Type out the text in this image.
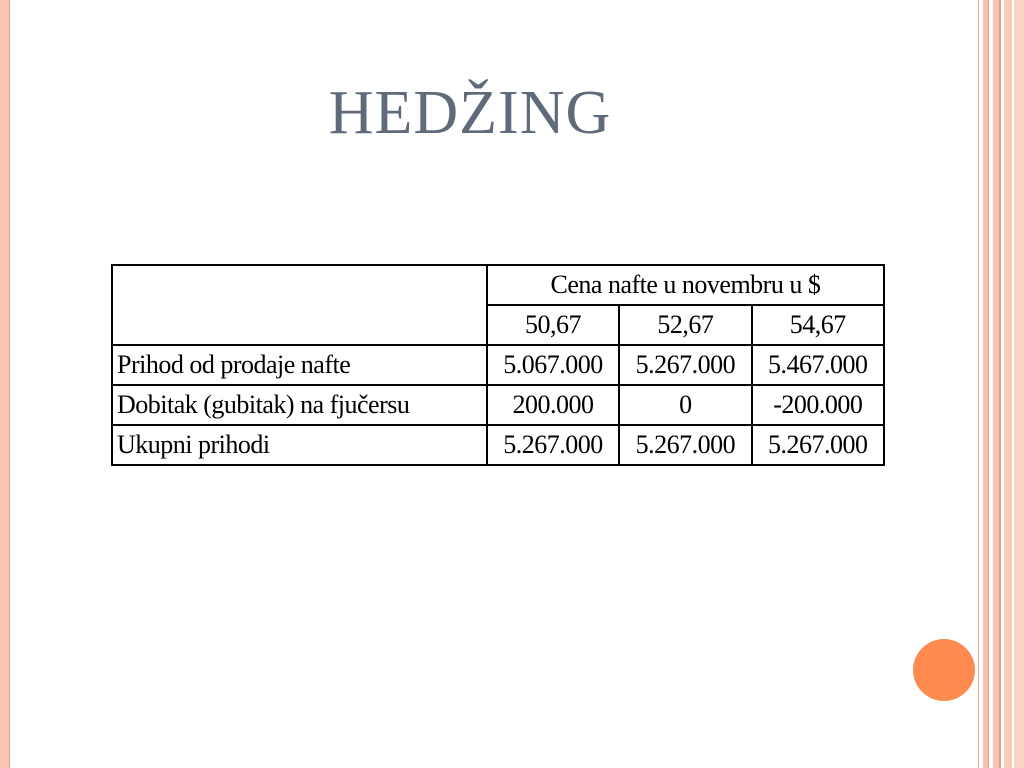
HEDŽING
	Cena nafte u novembru u $		
	50,67	52,67	54,67
Prihod od prodaje nafte	5.067.000	5.267.000	5.467.000
Dobitak (gubitak) na fjučersu	200.000	0	-200.000
Ukupni prihodi	5.267.000	5.267.000	5.267.000
